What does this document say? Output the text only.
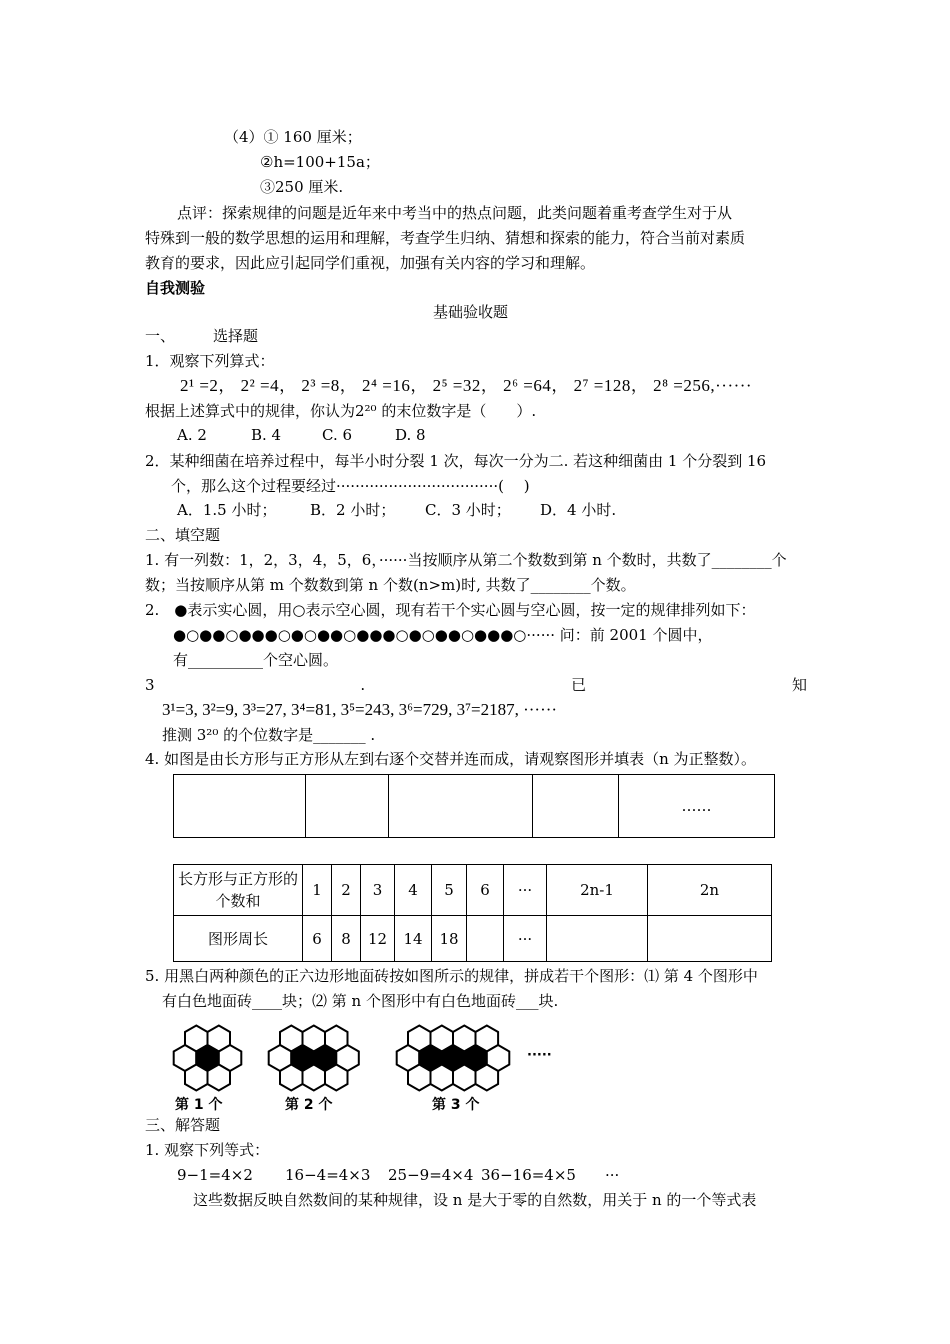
（4）① 160 厘米；
②h=100+15a；
③250 厘米.
点评：探索规律的问题是近年来中考当中的热点问题，此类问题着重考查学生对于从
特殊到一般的数学思想的运用和理解，考查学生归纳、猜想和探索的能力，符合当前对素质
教育的要求，因此应引起同学们重视，加强有关内容的学习和理解。
自我测验
基础验收题
一、	选择题
1．观察下列算式：
2¹ =2， 2² =4， 2³ =8， 2⁴ =16， 2⁵ =32， 2⁶ =64， 2⁷ =128， 2⁸ =256,······
根据上述算式中的规律，你认为2²⁰ 的末位数字是（　　）.
A. 2	B. 4	C. 6	D. 8
2．某种细菌在培养过程中，每半小时分裂 1 次，每次一分为二. 若这种细菌由 1 个分裂到 16
个，那么这个过程要经过··································(　 )
A．1.5 小时； B．2 小时； C．3 小时； D．4 小时.
二、填空题
1. 有一列数：1，2，3，4，5，6，······当按顺序从第二个数数到第 n 个数时，共数了________个
数；当按顺序从第 m 个数数到第 n 个数(n>m)时, 共数了________个数。
2.　●表示实心圆，用○表示空心圆，现有若干个实心圆与空心圆，按一定的规律排列如下：
●○●●○●●●○●○●●○●●●○●○●●○●●●○······ 问：前 2001 个圆中，
有__________个空心圆。
3	.	已	知
3¹=3, 3²=9, 3³=27, 3⁴=81, 3⁵=243, 3⁶=729, 3⁷=2187, ······
推测 3²⁰ 的个位数字是_______ .
4. 如图是由长方形与正方形从左到右逐个交替并连而成，请观察图形并填表（n 为正整数）。
……
长方形与正方形的个数和	1	2	3	4	5	6	···	2n-1	2n
图形周长	6	8	12	14	18		···		
5. 用黑白两种颜色的正六边形地面砖按如图所示的规律，拼成若干个图形：⑴ 第 4 个图形中
有白色地面砖____块；⑵ 第 n 个图形中有白色地面砖___块.
第 1 个	第 2 个	第 3 个
·····
三、解答题
1. 观察下列等式：
9−1=4×2 16−4=4×3 25−9=4×4 36−16=4×5 ···
这些数据反映自然数间的某种规律，设 n 是大于零的自然数，用关于 n 的一个等式表
